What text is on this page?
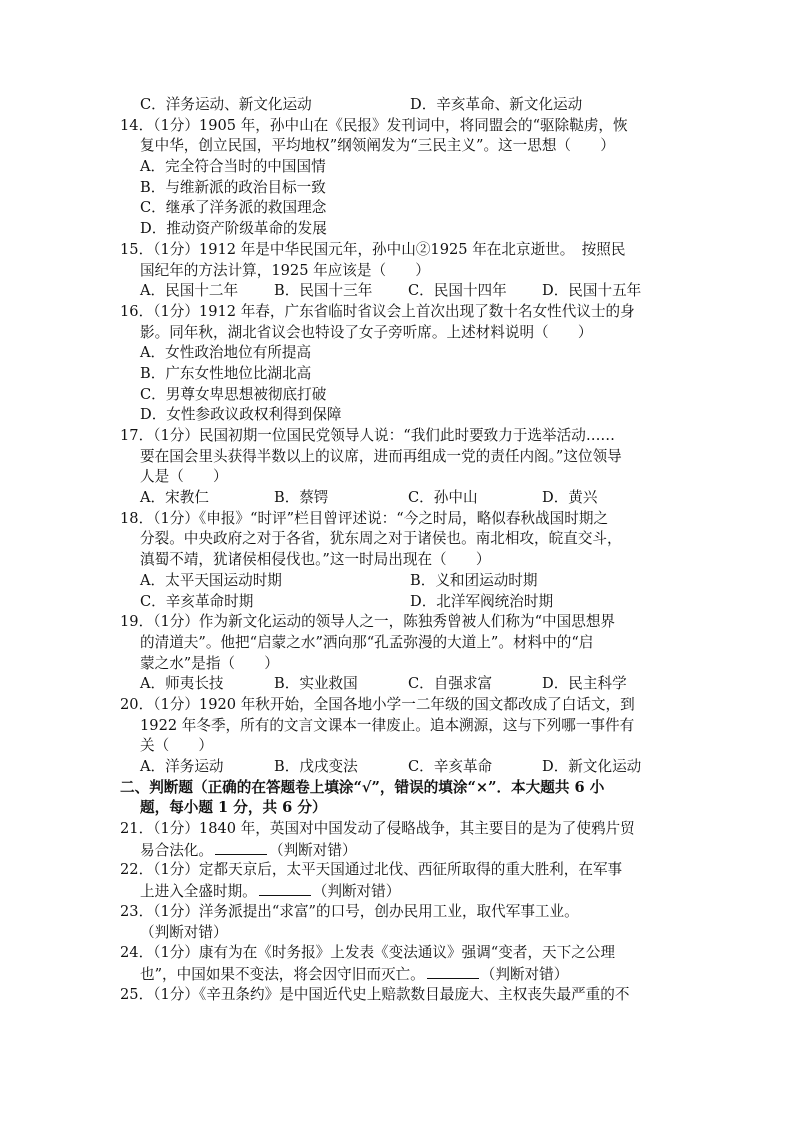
C．洋务运动、新文化运动	D．辛亥革命、新文化运动
14．（1分）1905 年，孙中山在《民报》发刊词中，将同盟会的“驱除鞑虏，恢
复中华，创立民国，平均地权”纲领阐发为“三民主义”。这一思想（　　）
A．完全符合当时的中国国情
B．与维新派的政治目标一致
C．继承了洋务派的救国理念
D．推动资产阶级革命的发展
15．（1分）1912 年是中华民国元年，孙中山②1925 年在北京逝世。　按照民
国纪年的方法计算，1925 年应该是（　　）
A．民国十二年	B．民国十三年	C．民国十四年	D．民国十五年
16．（1分）1912 年春，广东省临时省议会上首次出现了数十名女性代议士的身
影。同年秋，湖北省议会也特设了女子旁听席。上述材料说明（　　）
A．女性政治地位有所提高
B．广东女性地位比湖北高
C．男尊女卑思想被彻底打破
D．女性参政议政权利得到保障
17．（1分）民国初期一位国民党领导人说：“我们此时要致力于选举活动……
要在国会里头获得半数以上的议席，进而再组成一党的责任内阁。”这位领导
人是（　　）
A．宋教仁	B．蔡锷	C．孙中山	D．黄兴
18．（1分）《申报》“时评”栏目曾评述说：“今之时局，略似春秋战国时期之
分裂。中央政府之对于各省，犹东周之对于诸侯也。南北相攻，皖直交斗，
滇蜀不靖，犹诸侯相侵伐也。”这一时局出现在（　　）
A．太平天国运动时期	B．义和团运动时期
C．辛亥革命时期	D．北洋军阀统治时期
19．（1分）作为新文化运动的领导人之一，陈独秀曾被人们称为“中国思想界
的清道夫”。他把“启蒙之水”洒向那“孔孟弥漫的大道上”。材料中的“启
蒙之水”是指（　　）
A．师夷长技	B．实业救国	C．自强求富	D．民主科学
20．（1分）1920 年秋开始，全国各地小学一二年级的国文都改成了白话文，到
1922 年冬季，所有的文言文课本一律废止。追本溯源，这与下列哪一事件有
关（　　）
A．洋务运动	B．戊戌变法	C．辛亥革命	D．新文化运动
二、判断题（正确的在答题卷上填涂“√”，错误的填涂“×”．本大题共 6 小
题，每小题 1 分，共 6 分）
21．（1分）1840 年，英国对中国发动了侵略战争，其主要目的是为了使鸦片贸
易合法化。	（判断对错）
22．（1分）定都天京后，太平天国通过北伐、西征所取得的重大胜利，在军事
上进入全盛时期。	（判断对错）
23．（1分）洋务派提出“求富”的口号，创办民用工业，取代军事工业。
（判断对错）
24．（1分）康有为在《时务报》上发表《变法通议》强调“变者，天下之公理
也”，中国如果不变法，将会因守旧而灭亡。	（判断对错）
25．（1分）《辛丑条约》是中国近代史上赔款数目最庞大、主权丧失最严重的不
